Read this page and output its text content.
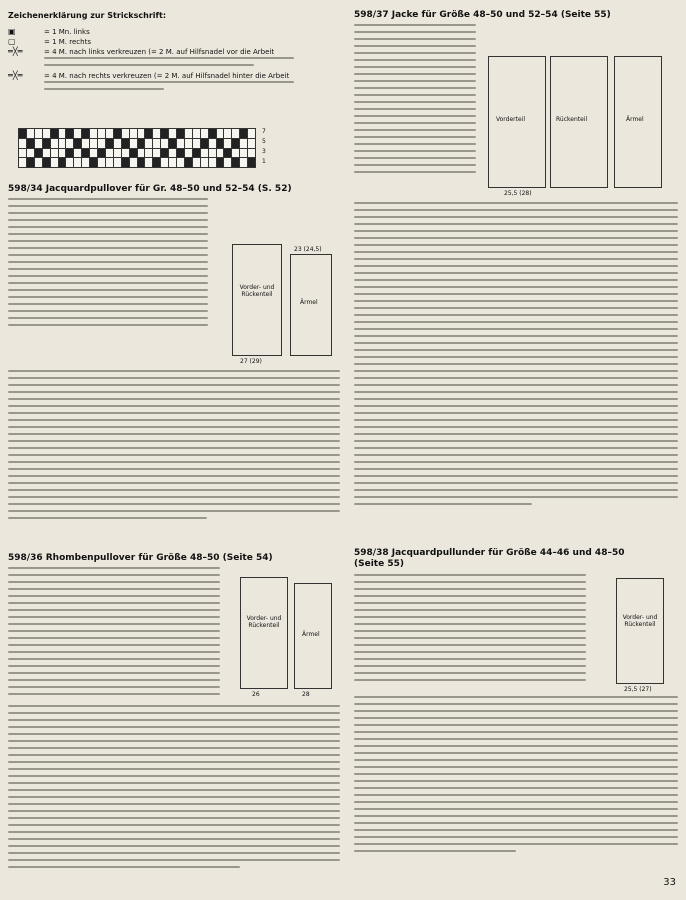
Zeichenerklärung zur Strickschrift:
▣	= 1 Mn. links
▢	= 1 M. rechts
═╳═	= 4 M. nach links verkreuzen (= 2 M. auf Hilfsnadel vor die Arbeit
═╳═	= 4 M. nach rechts verkreuzen (= 2 M. auf Hilfsnadel hinter die Arbeit
7
5
3
1
598/34 Jacquardpullover für Gr. 48–50 und 52–54 (S. 52)
Vorder- und Rückenteil
Ärmel
27 (29)
23 (24,5)
598/36 Rhombenpullover für Größe 48–50 (Seite 54)
Vorder- und Rückenteil
Ärmel
26	28
598/37 Jacke für Größe 48–50 und 52–54 (Seite 55)
Vorderteil	Rückenteil	Ärmel
25,5 (28)
598/38 Jacquardpullunder für Größe 44–46 und 48–50
(Seite 55)
Vorder- und Rückenteil
25,5 (27)
33
